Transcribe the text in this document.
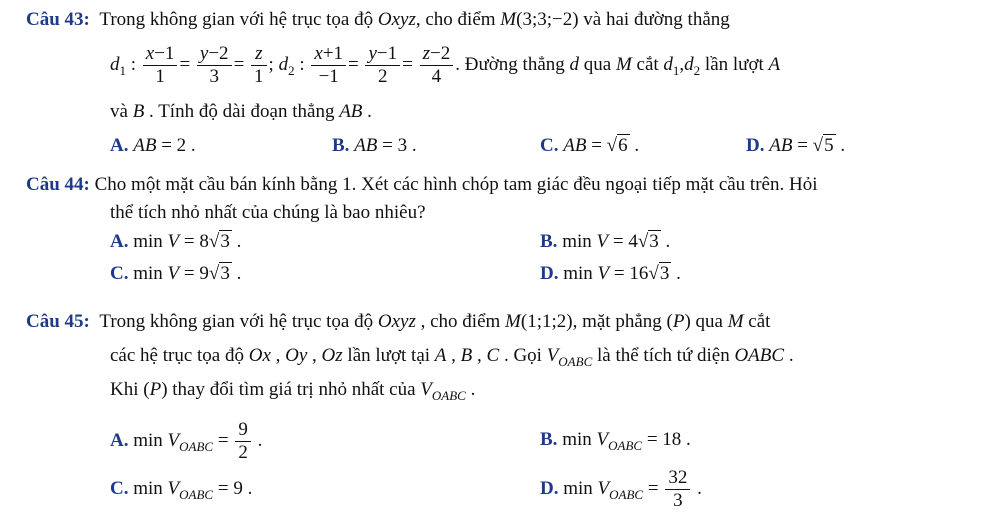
Câu 43:  Trong không gian với hệ trục tọa độ Oxyz, cho điểm M(3;3;−2) và hai đường thẳng
$d_1$ : $\frac{x-1}{1} = \frac{y-2}{3} = \frac{z}{1}$ ; $d_2$ : $\frac{x+1}{-1} = \frac{y-1}{2} = \frac{z-2}{4}$ . Đường thẳng d qua M cắt $d_1,d_2$ lần lượt A
và B . Tính độ dài đoạn thẳng AB .
A. AB = 2 .	B. AB = 3 .	C. AB = √6 .	D. AB = √5 .
Câu 44: Cho một mặt cầu bán kính bằng 1. Xét các hình chóp tam giác đều ngoại tiếp mặt cầu trên. Hỏi
thể tích nhỏ nhất của chúng là bao nhiêu?
A. min V = 8√3 .	B. min V = 4√3 .
C. min V = 9√3 .	D. min V = 16√3 .
Câu 45:  Trong không gian với hệ trục tọa độ Oxyz , cho điểm M(1;1;2), mặt phẳng (P) qua M cắt
các hệ trục tọa độ Ox , Oy , Oz lần lượt tại A , B , C . Gọi $V_{OABC}$ là thể tích tứ diện OABC .
Khi (P) thay đổi tìm giá trị nhỏ nhất của $V_{OABC}$ .
A. $\min V_{OABC} = \frac{9}{2}$ .	B. $\min V_{OABC} = 18$ .
C. $\min V_{OABC} = 9$ .	D. $\min V_{OABC} = \frac{32}{3}$ .
